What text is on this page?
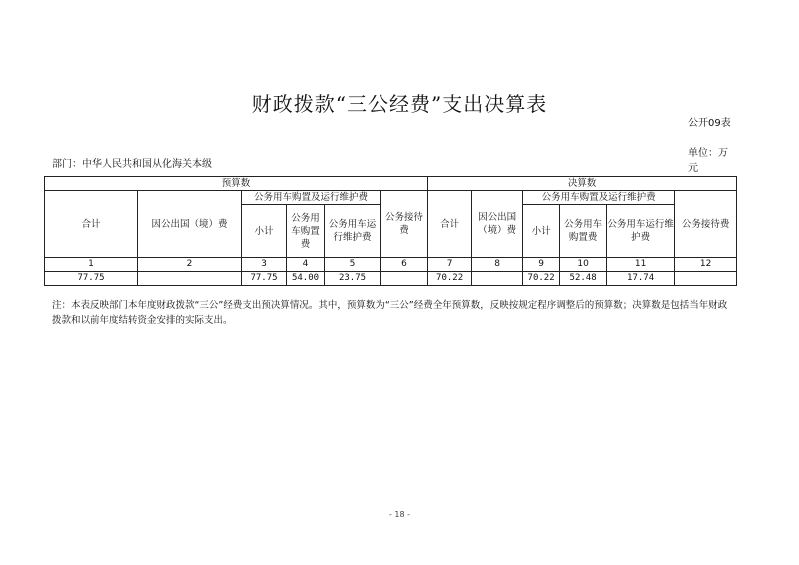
财政拨款“三公经费”支出决算表
公开09表
单位：万元
部门：中华人民共和国从化海关本级
预算数						决算数					
合计	因公出国（境）费	公务用车购置及运行维护费			公务接待费	合计	因公出国（境）费	公务用车购置及运行维护费			公务接待费
		小计	公务用车购置费	公务用车运行维护费				小计	公务用车购置费	公务用车运行维护费	
1	2	3	4	5	6	7	8	9	10	11	12
77.75		77.75	54.00	23.75		70.22		70.22	52.48	17.74	
注：本表反映部门本年度财政拨款“三公”经费支出预决算情况。其中，预算数为“三公”经费全年预算数，反映按规定程序调整后的预算数；决算数是包括当年财政拨款和以前年度结转资金安排的实际支出。
- 18 -
